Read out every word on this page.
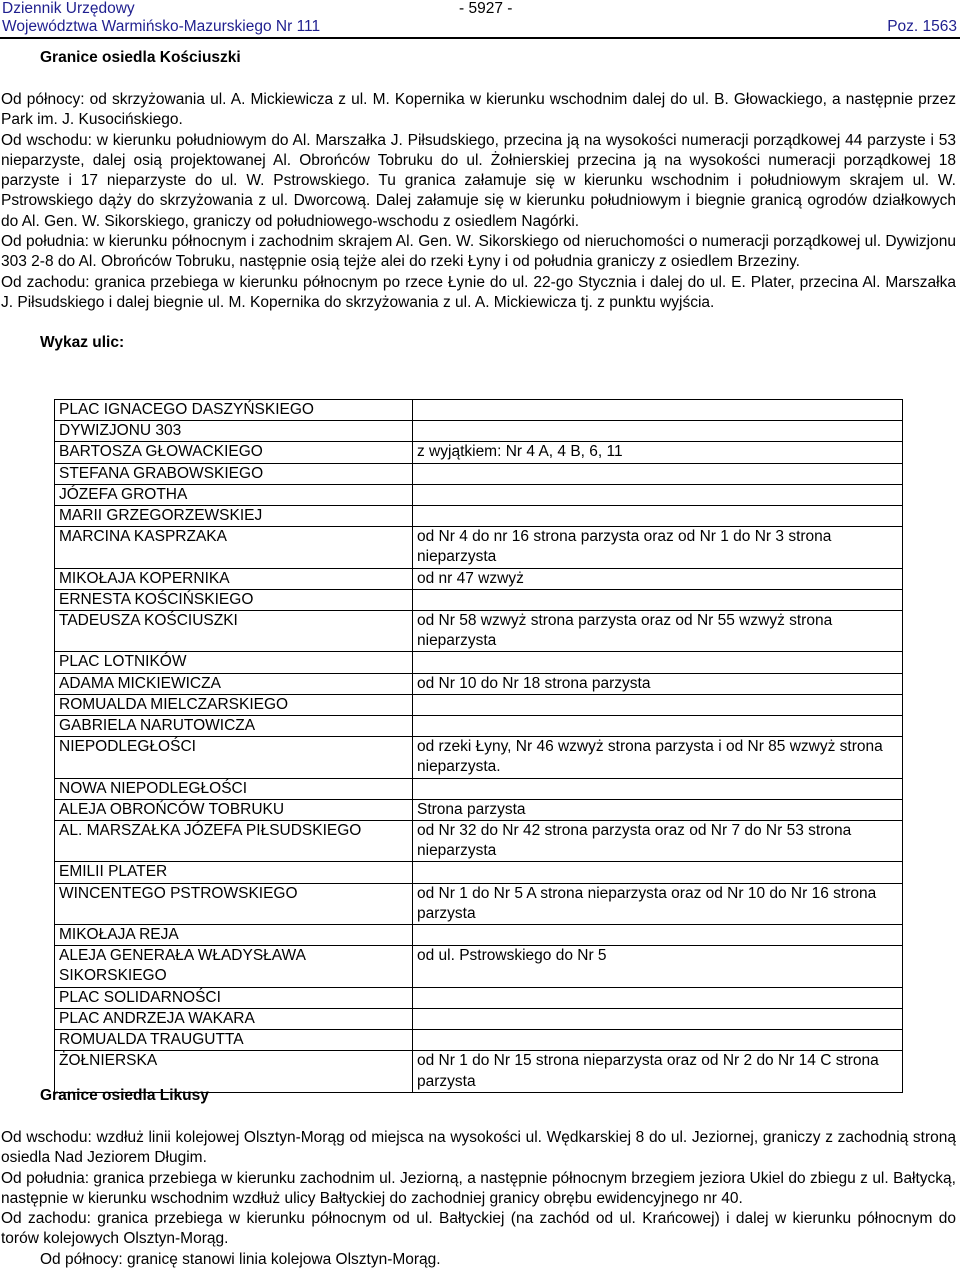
Dziennik Urzędowy	- 5927 -
Województwa Warmińsko-Mazurskiego Nr 111	Poz. 1563
Granice osiedla Kościuszki

Od północy: od skrzyżowania ul. A. Mickiewicza z ul. M. Kopernika w kierunku wschodnim dalej do ul. B. Głowackiego, a następnie przez Park im. J. Kusocińskiego.

Od wschodu: w kierunku południowym do Al. Marszałka J. Piłsudskiego, przecina ją na wysokości numeracji porządkowej 44 parzyste i 53 nieparzyste, dalej osią projektowanej Al. Obrońców Tobruku do ul. Żołnierskiej przecina ją na wysokości numeracji porządkowej 18 parzyste i 17 nieparzyste do ul. W. Pstrowskiego. Tu granica załamuje się w kierunku wschodnim i południowym skrajem ul. W. Pstrowskiego dąży do skrzyżowania z ul. Dworcową. Dalej załamuje się w kierunku południowym i biegnie granicą ogrodów działkowych do Al. Gen. W. Sikorskiego, graniczy od południowego-wschodu z osiedlem Nagórki.

Od południa: w kierunku północnym i zachodnim skrajem Al. Gen. W. Sikorskiego od nieruchomości o numeracji porządkowej ul. Dywizjonu 303 2-8 do Al. Obrońców Tobruku, następnie osią tejże alei do rzeki Łyny i od południa graniczy z osiedlem Brzeziny.

Od zachodu: granica przebiega w kierunku północnym po rzece Łynie do ul. 22-go Stycznia i dalej do ul. E. Plater, przecina Al. Marszałka J. Piłsudskiego i dalej biegnie ul. M. Kopernika do skrzyżowania z ul. A. Mickiewicza tj. z punktu wyjścia.

Wykaz ulic:
PLAC IGNACEGO DASZYŃSKIEGO	
DYWIZJONU 303	
BARTOSZA GŁOWACKIEGO	z wyjątkiem: Nr 4 A, 4 B, 6, 11
STEFANA GRABOWSKIEGO	
JÓZEFA GROTHA	
MARII GRZEGORZEWSKIEJ	
MARCINA KASPRZAKA	od Nr 4 do nr 16 strona parzysta oraz od Nr 1 do Nr 3 strona nieparzysta
MIKOŁAJA KOPERNIKA	od nr 47 wzwyż
ERNESTA KOŚCIŃSKIEGO	
TADEUSZA KOŚCIUSZKI	od Nr 58 wzwyż strona parzysta oraz od Nr 55 wzwyż strona nieparzysta
PLAC LOTNIKÓW	
ADAMA MICKIEWICZA	od Nr 10 do Nr 18 strona parzysta
ROMUALDA MIELCZARSKIEGO	
GABRIELA NARUTOWICZA	
NIEPODLEGŁOŚCI	od rzeki Łyny, Nr 46 wzwyż strona parzysta i od Nr 85 wzwyż strona nieparzysta.
NOWA NIEPODLEGŁOŚCI	
ALEJA OBROŃCÓW TOBRUKU	Strona parzysta
AL. MARSZAŁKA JÓZEFA PIŁSUDSKIEGO	od Nr 32 do Nr 42 strona parzysta oraz od Nr 7 do Nr 53 strona nieparzysta
EMILII PLATER	
WINCENTEGO PSTROWSKIEGO	od Nr 1 do Nr 5 A strona nieparzysta oraz od Nr 10 do Nr 16 strona parzysta
MIKOŁAJA REJA	
ALEJA GENERAŁA WŁADYSŁAWA SIKORSKIEGO	od ul. Pstrowskiego do Nr 5
PLAC SOLIDARNOŚCI	
PLAC ANDRZEJA WAKARA	
ROMUALDA TRAUGUTTA	
ŻOŁNIERSKA	od Nr 1 do Nr 15 strona nieparzysta oraz od Nr 2 do Nr 14 C strona parzysta
Granice osiedla Likusy

Od wschodu: wzdłuż linii kolejowej Olsztyn-Morąg od miejsca na wysokości ul. Wędkarskiej 8 do ul. Jeziornej, graniczy z zachodnią stroną osiedla Nad Jeziorem Długim.

Od południa: granica przebiega w kierunku zachodnim ul. Jeziorną, a następnie północnym brzegiem jeziora Ukiel do zbiegu z ul. Bałtycką, następnie w kierunku wschodnim wzdłuż ulicy Bałtyckiej do zachodniej granicy obrębu ewidencyjnego nr 40.

Od zachodu: granica przebiega w kierunku północnym od ul. Bałtyckiej (na zachód od ul. Krańcowej) i dalej w kierunku północnym do torów kolejowych Olsztyn-Morąg.

Od północy: granicę stanowi linia kolejowa Olsztyn-Morąg.
